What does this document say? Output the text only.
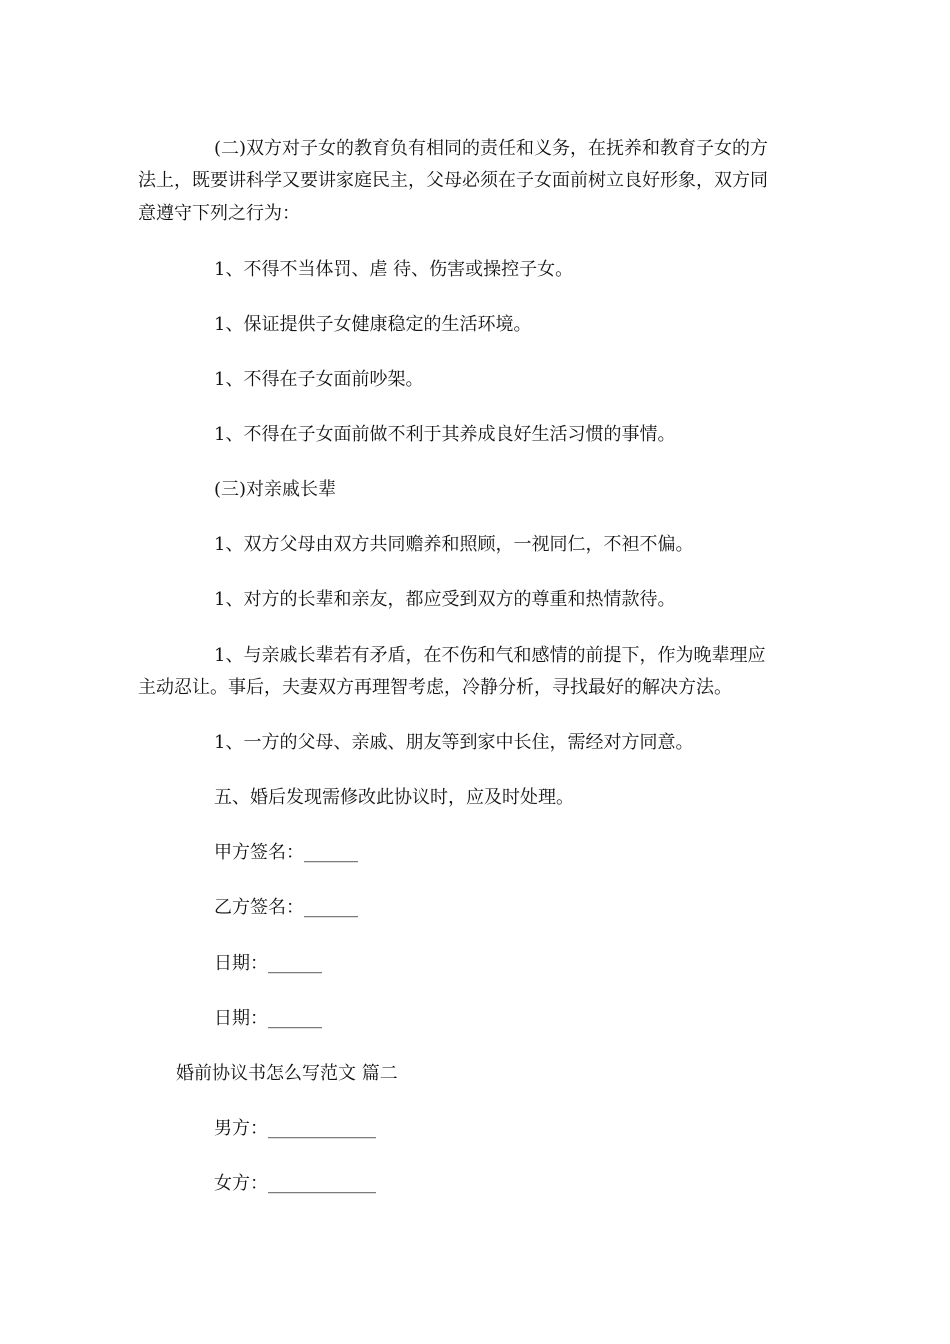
(二)双方对子女的教育负有相同的责任和义务，在抚养和教育子女的方
法上，既要讲科学又要讲家庭民主，父母必须在子女面前树立良好形象，双方同
意遵守下列之行为：
1、不得不当体罚、虐 待、伤害或操控子女。
1、保证提供子女健康稳定的生活环境。
1、不得在子女面前吵架。
1、不得在子女面前做不利于其养成良好生活习惯的事情。
(三)对亲戚长辈
1、双方父母由双方共同赡养和照顾，一视同仁，不袒不偏。
1、对方的长辈和亲友，都应受到双方的尊重和热情款待。
1、与亲戚长辈若有矛盾，在不伤和气和感情的前提下，作为晚辈理应
主动忍让。事后，夫妻双方再理智考虑，冷静分析，寻找最好的解决方法。
1、一方的父母、亲戚、朋友等到家中长住，需经对方同意。
五、婚后发现需修改此协议时，应及时处理。
甲方签名：______
乙方签名：______
日期：______
日期：______
婚前协议书怎么写范文 篇二
男方：____________
女方：____________
